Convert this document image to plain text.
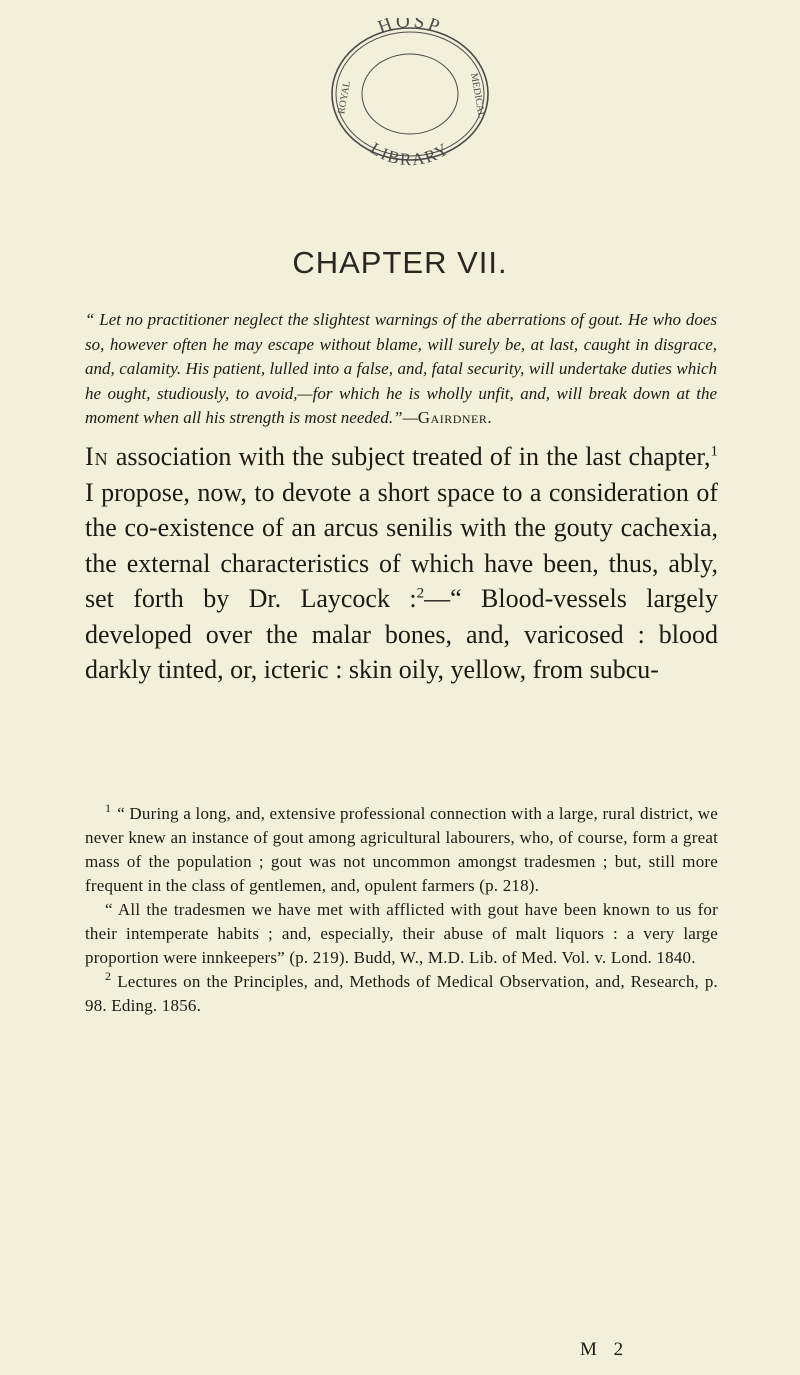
HOSP
LIBRARY
ROYAL	MEDICAL
CHAPTER VII.
“ Let no practitioner neglect the slightest warnings of the aberrations of gout. He who does so, however often he may escape without blame, will surely be, at last, caught in disgrace, and, calamity. His patient, lulled into a false, and, fatal security, will undertake duties which he ought, studiously, to avoid,—for which he is wholly unfit, and, will break down at the moment when all his strength is most needed.”—Gairdner.
In association with the subject treated of in the last chapter,$^1$ I propose, now, to devote a short space to a consideration of the co-existence of an arcus senilis with the gouty cachexia, the external characteristics of which have been, thus, ably, set forth by Dr. Laycock :$^2$—“ Blood-vessels largely developed over the malar bones, and, varicosed : blood darkly tinted, or, icteric : skin oily, yellow, from subcu-

$^1$ “ During a long, and, extensive professional connection with a large, rural district, we never knew an instance of gout among agricultural labourers, who, of course, form a great mass of the population ; gout was not uncommon amongst tradesmen ; but, still more frequent in the class of gentlemen, and, opulent farmers (p. 218).

“ All the tradesmen we have met with afflicted with gout have been known to us for their intemperate habits ; and, especially, their abuse of malt liquors : a very large proportion were innkeepers” (p. 219). Budd, W., M.D. Lib. of Med. Vol. v. Lond. 1840.

$^2$ Lectures on the Principles, and, Methods of Medical Observation, and, Research, p. 98. Eding. 1856.

M 2
